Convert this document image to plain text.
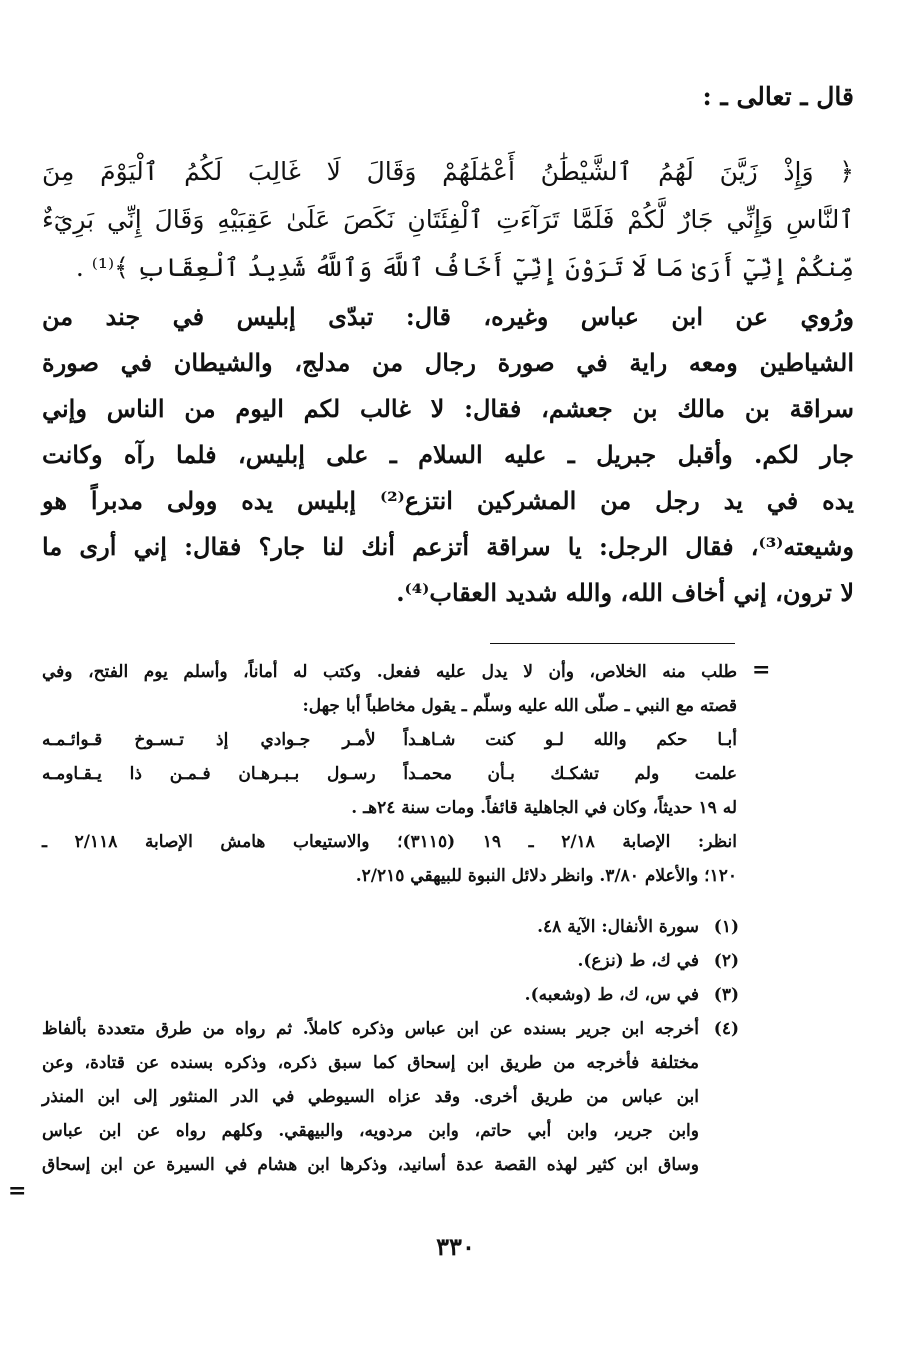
قال ـ تعالى ـ :
﴿ وَإِذْ زَيَّنَ لَهُمُ ٱلشَّيْطَٰنُ أَعْمَٰلَهُمْ وَقَالَ لَا غَالِبَ لَكُمُ ٱلْيَوْمَ مِنَ
ٱلنَّاسِ وَإِنِّي جَارٌ لَّكُمْ فَلَمَّا تَرَآءَتِ ٱلْفِئَتَانِ نَكَصَ عَلَىٰ عَقِبَيْهِ وَقَالَ إِنِّي بَرِيٓءٌ
مِّنكُمْ إِنِّيٓ أَرَىٰ مَا لَا تَرَوْنَ إِنِّيٓ أَخَافُ ٱللَّهَ وَٱللَّهُ شَدِيدُ ٱلْعِقَابِ ﴾⁽¹⁾ .
ورُوي عن ابن عباس وغيره، قال: تبدّى إبليس في جند من
الشياطين ومعه راية في صورة رجال من مدلج، والشيطان في صورة
سراقة بن مالك بن جعشم، فقال: لا غالب لكم اليوم من الناس وإني
جار لكم. وأقبل جبريل ـ عليه السلام ـ على إبليس، فلما رآه وكانت
يده في يد رجل من المشركين انتزع⁽²⁾ إبليس يده وولى مدبراً هو
وشيعته⁽³⁾، فقال الرجل: يا سراقة أتزعم أنك لنا جار؟ فقال: إني أرى ما
لا ترون، إني أخاف الله، والله شديد العقاب⁽⁴⁾.
=
طلب منه الخلاص، وأن لا يدل عليه ففعل. وكتب له أماناً، وأسلم يوم الفتح، وفي
قصته مع النبي ـ صلّى الله عليه وسلّم ـ يقول مخاطباً أبا جهل:
أبـا حكم والله لـو كنت شـاهـداً
لأمـر جـوادي إذ تـسـوخ قـوائـمـه
علمت ولم تشكـك بـأن محمـداً
رسـول بـبـرهـان فـمـن ذا يـقـاومـه
له ١٩ حديثاً، وكان في الجاهلية قائفاً. ومات سنة ٢٤هـ .
انظر: الإصابة ٢/١٨ ـ ١٩ (٣١١٥)؛ والاستيعاب هامش الإصابة ٢/١١٨ ـ
١٢٠؛ والأعلام ٣/٨٠. وانظر دلائل النبوة للبيهقي ٢/٢١٥.
(١)
سورة الأنفال: الآية ٤٨.
(٢)
في ك، ط (نزع).
(٣)
في س، ك، ط (وشعبه).
(٤)
أخرجه ابن جرير بسنده عن ابن عباس وذكره كاملاً. ثم رواه من طرق متعددة بألفاظ
مختلفة فأخرجه من طريق ابن إسحاق كما سبق ذكره، وذكره بسنده عن قتادة، وعن
ابن عباس من طريق أخرى. وقد عزاه السيوطي في الدر المنثور إلى ابن المنذر
وابن جرير، وابن أبي حاتم، وابن مردويه، والبيهقي. وكلهم رواه عن ابن عباس
وساق ابن كثير لهذه القصة عدة أسانيد، وذكرها ابن هشام في السيرة عن ابن إسحاق
=
٣٣٠
